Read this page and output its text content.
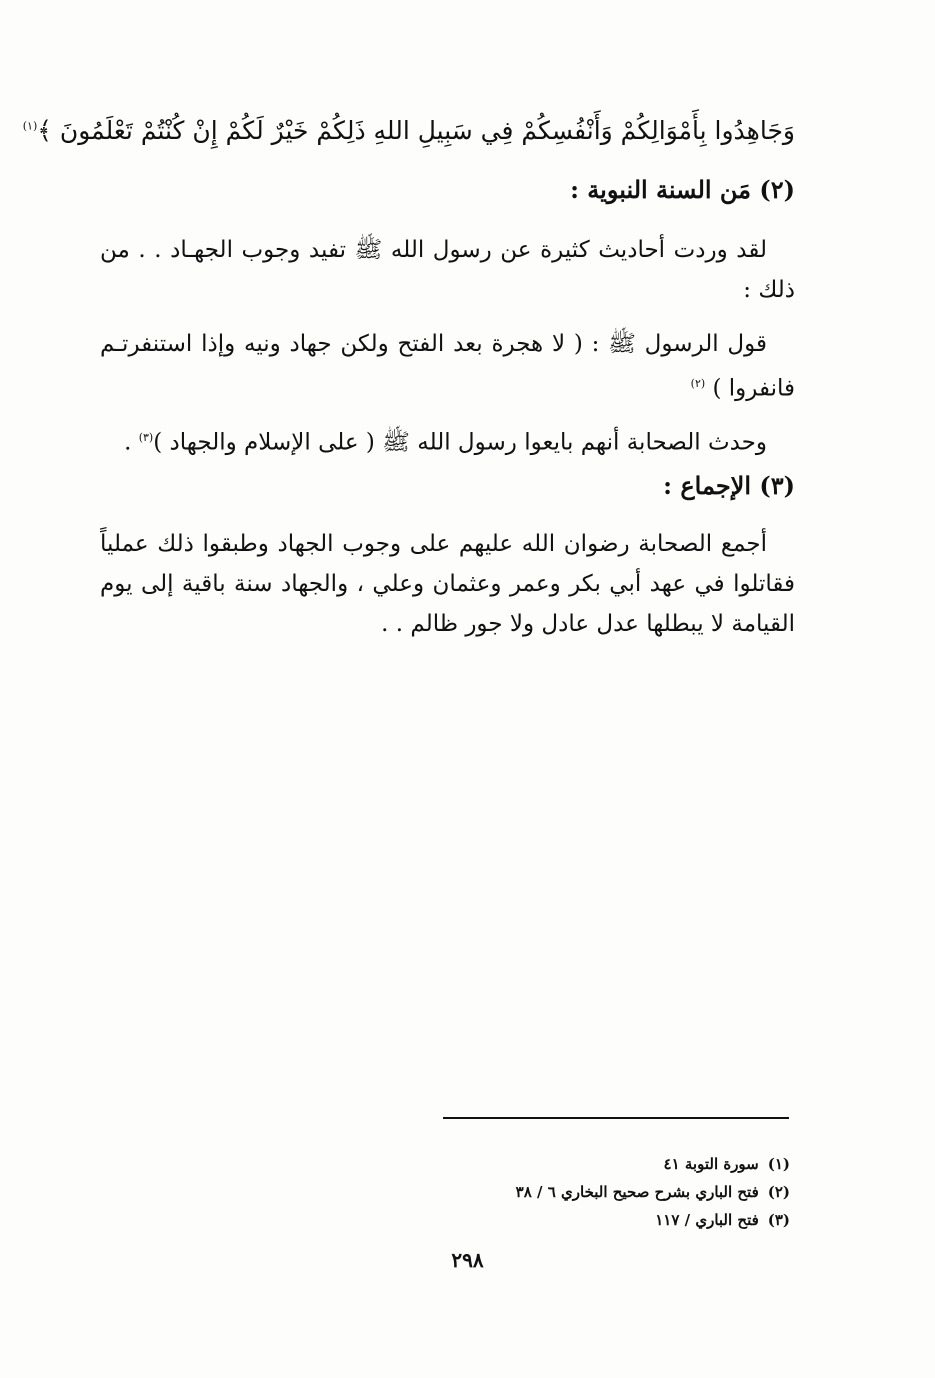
وَجَاهِدُوا بِأَمْوَالِكُمْ وَأَنْفُسِكُمْ فِي سَبِيلِ اللهِ ذَلِكُمْ خَيْرٌ لَكُمْ إِنْ كُنْتُمْ تَعْلَمُونَ ﴾$^{(١)}$
(٢) مَن السنة النبوية :
لقد وردت أحاديث كثيرة عن رسول الله ﷺ تفيد وجوب الجهـاد . . من ذلك :
قول الرسول ﷺ : ( لا هجرة بعد الفتح ولكن جهاد ونيه وإذا استنفرتـم فانفروا ) $^{(٢)}$
وحدث الصحابة أنهم بايعوا رسول الله ﷺ ( على الإسلام والجهاد )$^{(٣)}$ .
(٣) الإجماع :
أجمع الصحابة رضوان الله عليهم على وجوب الجهاد وطبقوا ذلك عملياً فقاتلوا في عهد أبي بكر وعمر وعثمان وعلي ، والجهاد سنة باقية إلى يوم القيامة لا يبطلها عدل عادل ولا جور ظالم . .
(١) سورة التوبة ٤١
(٢) فتح الباري بشرح صحيح البخاري ٦ / ٣٨
(٣) فتح الباري / ١١٧
٢٩٨
